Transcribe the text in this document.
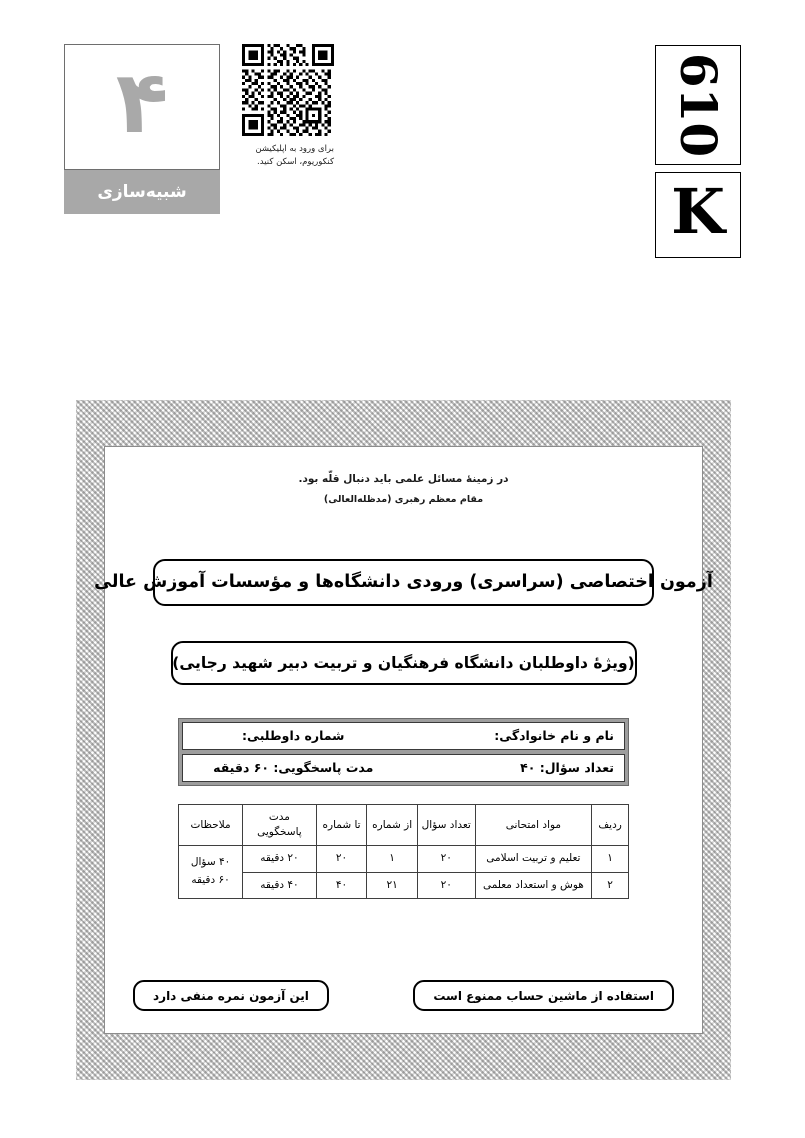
۴
شبیه‌سازی
برای ورود به اپلیکیشن
کنکوریوم، اسکن کنید.
610
K
در زمینۀ مسائل علمی باید دنبال قلّه بود.
مقام معظم رهبری (مدظله‌العالی)
آزمون اختصاصی (سراسری) ورودی دانشگاه‌ها و مؤسسات آموزش عالی
(ویژۀ داوطلبان دانشگاه فرهنگیان و تربیت دبیر شهید رجایی)
نام و نام خانوادگی:
شماره داوطلبی:
تعداد سؤال: ۴۰
مدت پاسخگویی: ۶۰ دقیقه
ردیف	مواد امتحانی	تعداد سؤال	از شماره	تا شماره	مدت پاسخگویی	ملاحظات
۱	تعلیم و تربیت اسلامی	۲۰	۱	۲۰	۲۰ دقیقه	۴۰ سؤال
۶۰ دقیقه

۲	هوش و استعداد معلمی	۲۰	۲۱	۴۰	۴۰ دقیقه	
این آزمون نمره منفی دارد	استفاده از ماشین حساب ممنوع است
